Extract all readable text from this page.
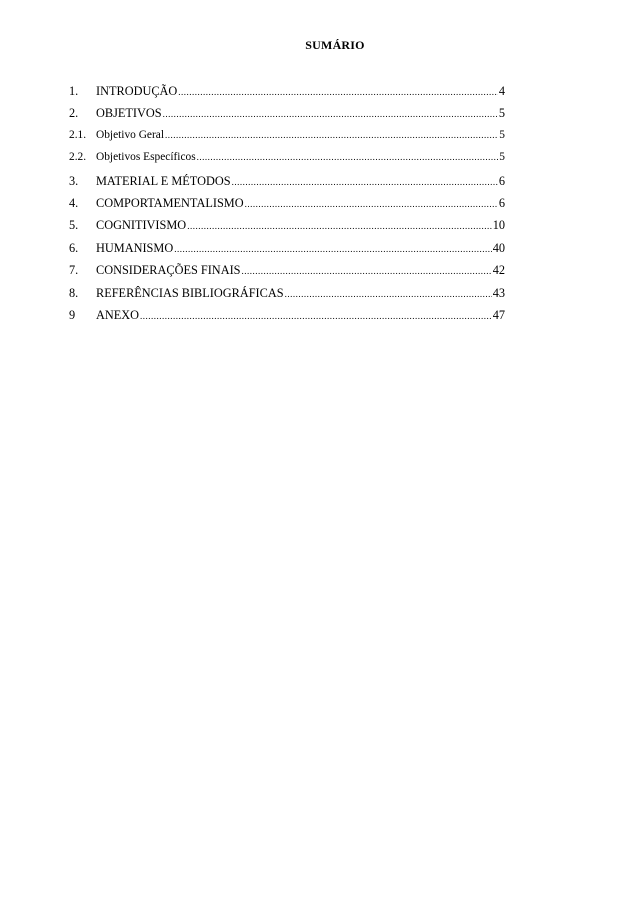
SUMÁRIO
1.	INTRODUÇÃO .....	4
2.	OBJETIVOS .....	5
2.1. Objetivo Geral .....	5
2.2. Objetivos Específicos .....	5
3.	MATERIAL E MÉTODOS .....	6
4.	COMPORTAMENTALISMO .....	6
5.	COGNITIVISMO .....	10
6.	HUMANISMO .....	40
7.	CONSIDERAÇÕES FINAIS .....	42
8.	REFERÊNCIAS BIBLIOGRÁFICAS .....	43
9	ANEXO .....	47
